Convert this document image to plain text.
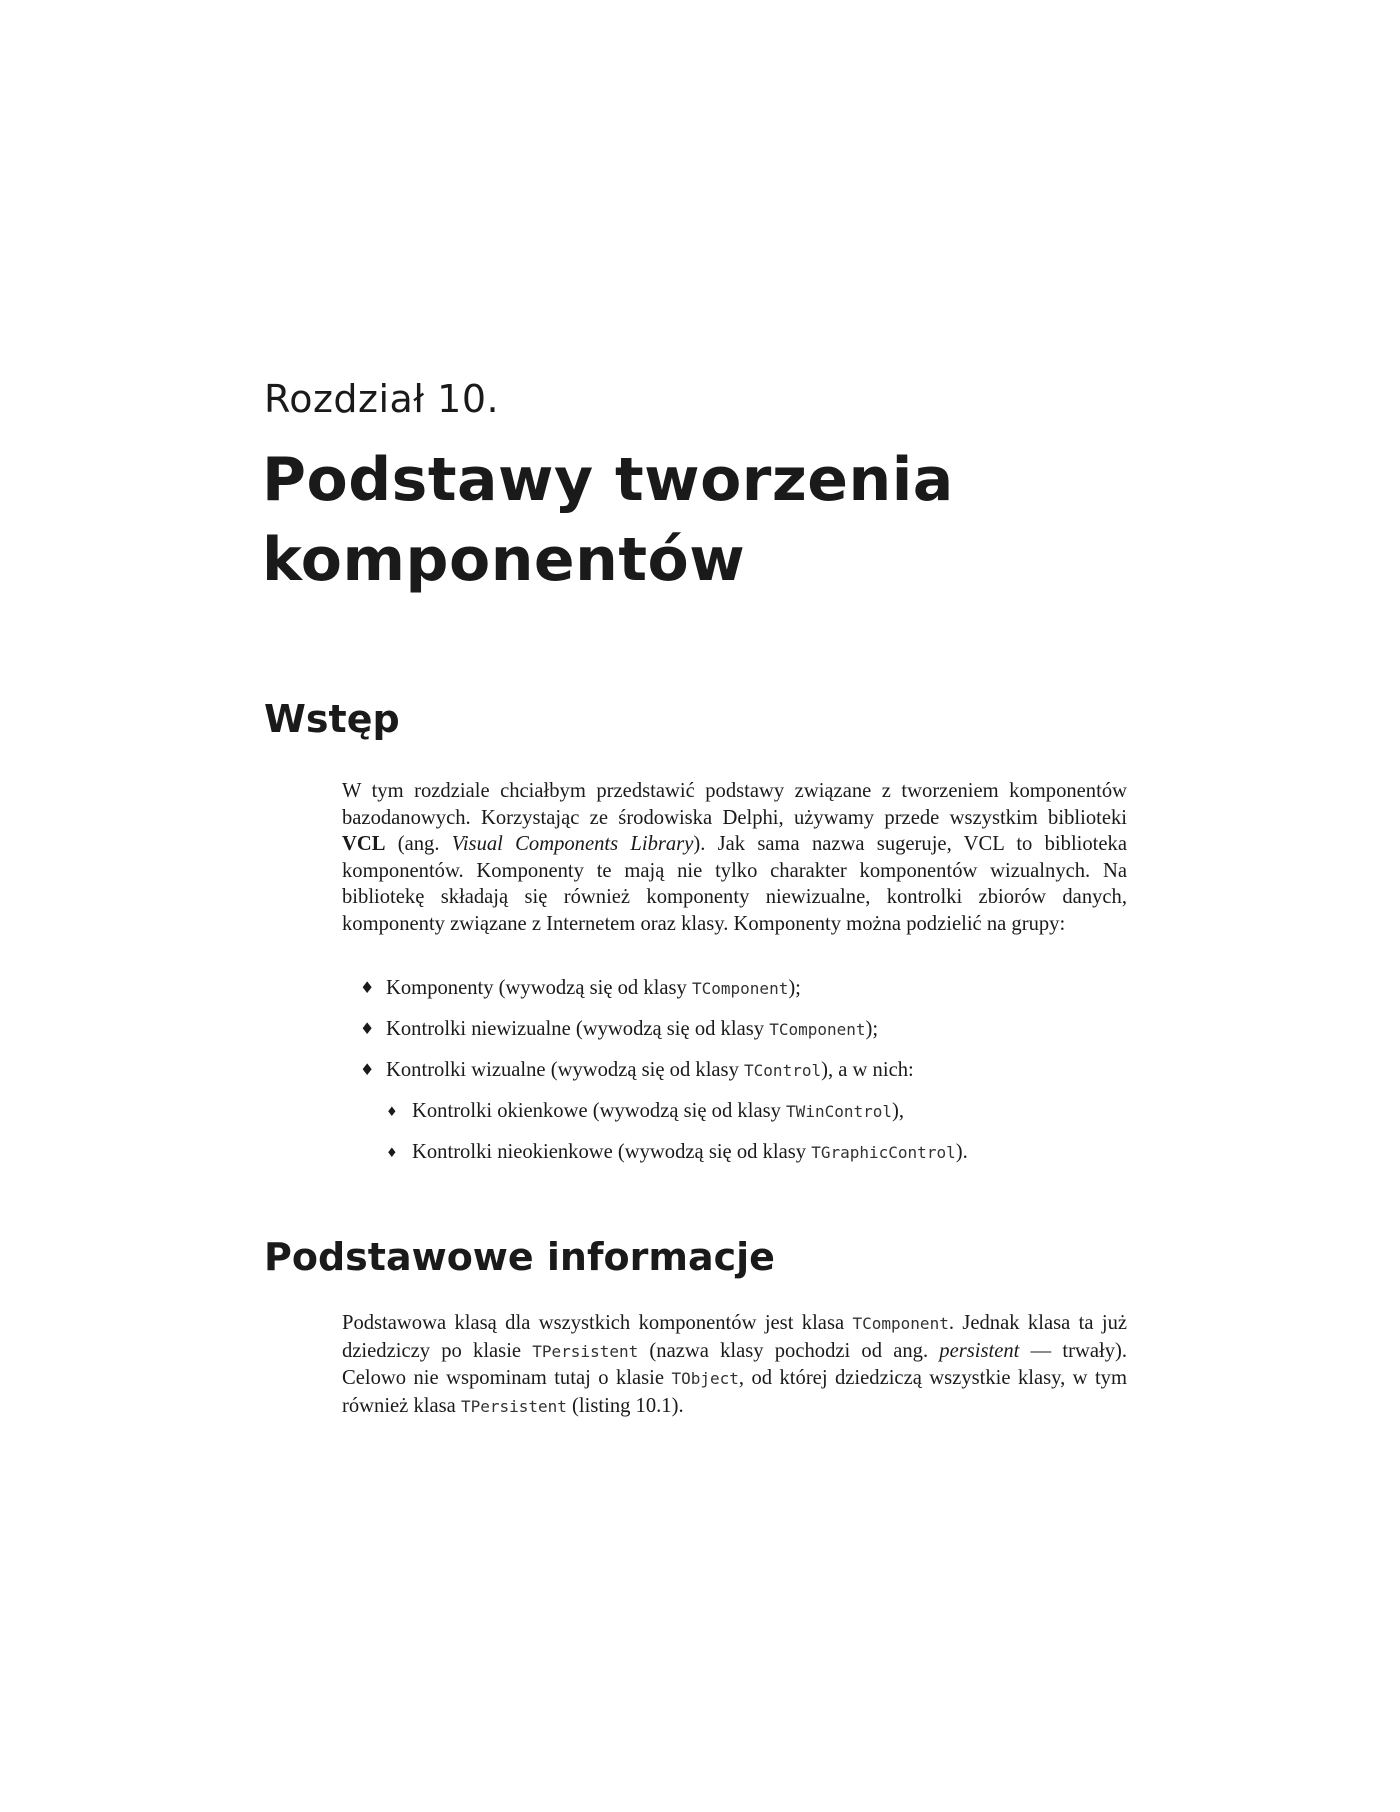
Rozdział 10.
Podstawy tworzenia
komponentów
Wstęp

W tym rozdziale chciałbym przedstawić podstawy związane z tworzeniem komponentów bazodanowych. Korzystając ze środowiska Delphi, używamy przede wszystkim biblioteki VCL (ang. Visual Components Library). Jak sama nazwa sugeruje, VCL to biblioteka komponentów. Komponenty te mają nie tylko charakter komponentów wizualnych. Na bibliotekę składają się również komponenty niewizualne, kontrolki zbiorów danych, komponenty związane z Internetem oraz klasy. Komponenty można podzielić na grupy:

♦ Komponenty (wywodzą się od klasy TComponent);
♦ Kontrolki niewizualne (wywodzą się od klasy TComponent);
♦ Kontrolki wizualne (wywodzą się od klasy TControl), a w nich:
♦ Kontrolki okienkowe (wywodzą się od klasy TWinControl),
♦ Kontrolki nieokienkowe (wywodzą się od klasy TGraphicControl).
Podstawowe informacje

Podstawowa klasą dla wszystkich komponentów jest klasa TComponent. Jednak klasa ta już dziedziczy po klasie TPersistent (nazwa klasy pochodzi od ang. persistent — trwały). Celowo nie wspominam tutaj o klasie TObject, od której dziedziczą wszystkie klasy, w tym również klasa TPersistent (listing 10.1).
